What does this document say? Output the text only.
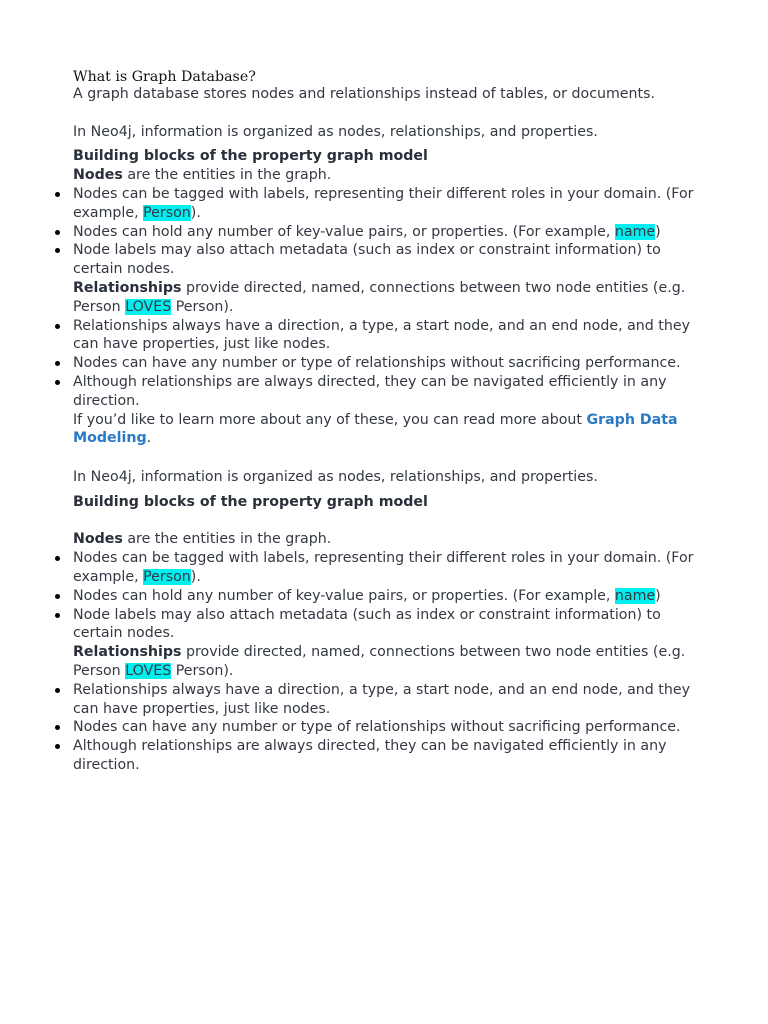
What is Graph Database?

A graph database stores nodes and relationships instead of tables, or documents.

In Neo4j, information is organized as nodes, relationships, and properties.

Building blocks of the property graph model

Nodes are the entities in the graph.

Nodes can be tagged with labels, representing their different roles in your domain. (For example, Person).
Nodes can hold any number of key-value pairs, or properties. (For example, name)
Node labels may also attach metadata (such as index or constraint information) to certain nodes.

Relationships provide directed, named, connections between two node entities (e.g. Person LOVES Person).

Relationships always have a direction, a type, a start node, and an end node, and they can have properties, just like nodes.
Nodes can have any number or type of relationships without sacrificing performance.
Although relationships are always directed, they can be navigated efficiently in any direction.

If you’d like to learn more about any of these, you can read more about Graph Data Modeling.

In Neo4j, information is organized as nodes, relationships, and properties.

Building blocks of the property graph model

Nodes are the entities in the graph.

Nodes can be tagged with labels, representing their different roles in your domain. (For example, Person).
Nodes can hold any number of key-value pairs, or properties. (For example, name)
Node labels may also attach metadata (such as index or constraint information) to certain nodes.

Relationships provide directed, named, connections between two node entities (e.g. Person LOVES Person).

Relationships always have a direction, a type, a start node, and an end node, and they can have properties, just like nodes.
Nodes can have any number or type of relationships without sacrificing performance.
Although relationships are always directed, they can be navigated efficiently in any direction.
